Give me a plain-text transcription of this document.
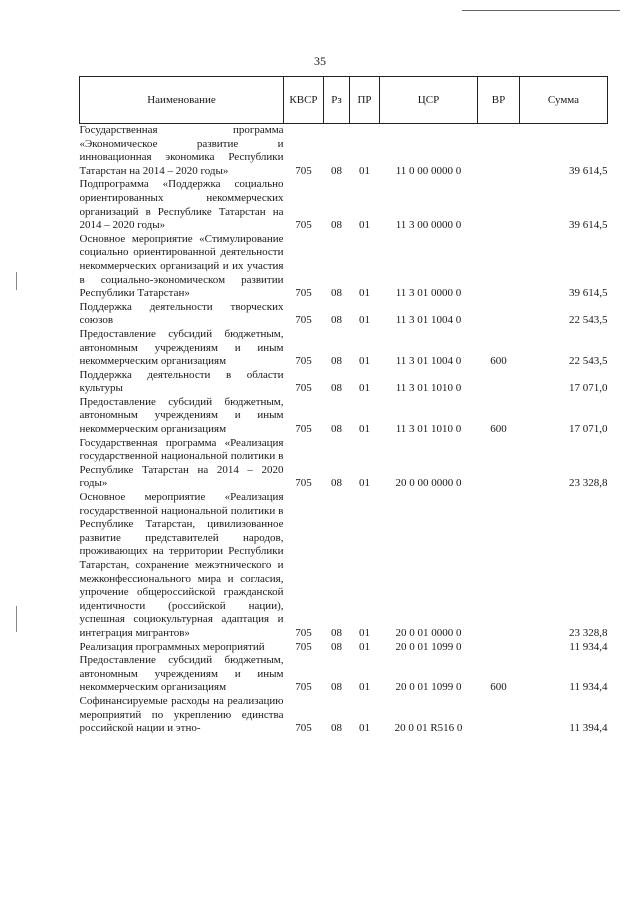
35
Наименование	КВСР	Рз	ПР	ЦСР	ВР	Сумма
Государственная программа «Экономическое развитие и инновационная экономика Республики Татарстан на 2014 – 2020 годы»	705	08	01	11 0 00 0000 0		39 614,5
Подпрограмма «Поддержка социально ориентированных некоммерческих организаций в Республике Татарстан на 2014 – 2020 годы»	705	08	01	11 3 00 0000 0		39 614,5
Основное мероприятие «Стимулирование социально ориентированной деятельности некоммерческих организаций и их участия в социально-экономическом развитии Республики Татарстан»	705	08	01	11 3 01 0000 0		39 614,5
Поддержка деятельности творческих союзов	705	08	01	11 3 01 1004 0		22 543,5
Предоставление субсидий бюджетным, автономным учреждениям и иным некоммерческим организациям	705	08	01	11 3 01 1004 0	600	22 543,5
Поддержка деятельности в области культуры	705	08	01	11 3 01 1010 0		17 071,0
Предоставление субсидий бюджетным, автономным учреждениям и иным некоммерческим организациям	705	08	01	11 3 01 1010 0	600	17 071,0
Государственная программа «Реализация государственной национальной политики в Республике Татарстан на 2014 – 2020 годы»	705	08	01	20 0 00 0000 0		23 328,8
Основное мероприятие «Реализация государственной национальной политики в Республике Татарстан, цивилизованное развитие представителей народов, проживающих на территории Республики Татарстан, сохранение межэтнического и межконфессионального мира и согласия, упрочение общероссийской гражданской идентичности (российской нации), успешная социокультурная адаптация и интеграция мигрантов»	705	08	01	20 0 01 0000 0		23 328,8
Реализация программных мероприятий	705	08	01	20 0 01 1099 0		11 934,4
Предоставление субсидий бюджетным, автономным учреждениям и иным некоммерческим организациям	705	08	01	20 0 01 1099 0	600	11 934,4
Софинансируемые расходы на реализацию мероприятий по укреплению единства российской нации и этно-	705	08	01	20 0 01 R516 0		11 394,4
